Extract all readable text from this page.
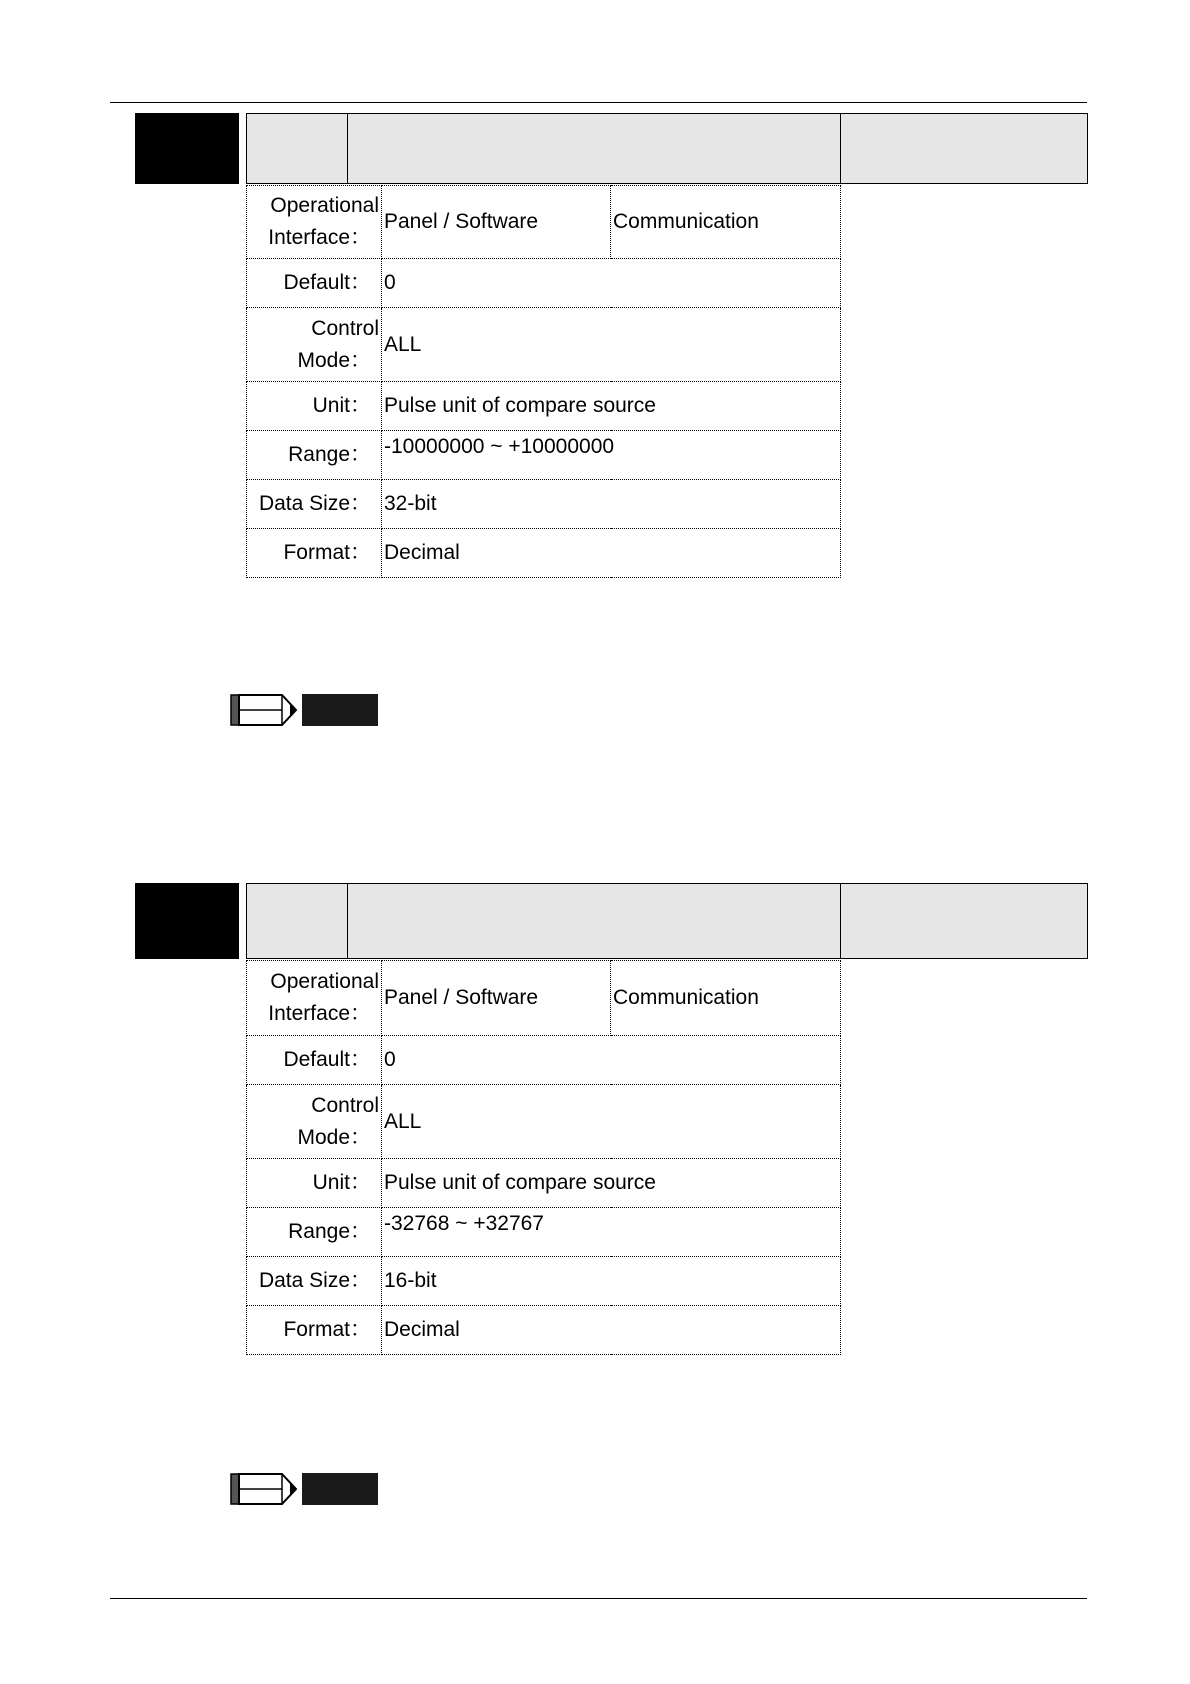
Operational
Interface：	Panel / Software	Communication
Default：	0	
Control
Mode：	ALL	
Unit：	Pulse unit of compare source	
Range：	-10000000 ~ +10000000	
Data Size：	32-bit	
Format：	Decimal	
Operational
Interface：	Panel / Software	Communication
Default：	0	
Control
Mode：	ALL	
Unit：	Pulse unit of compare source	
Range：	-32768 ~ +32767	
Data Size：	16-bit	
Format：	Decimal	
